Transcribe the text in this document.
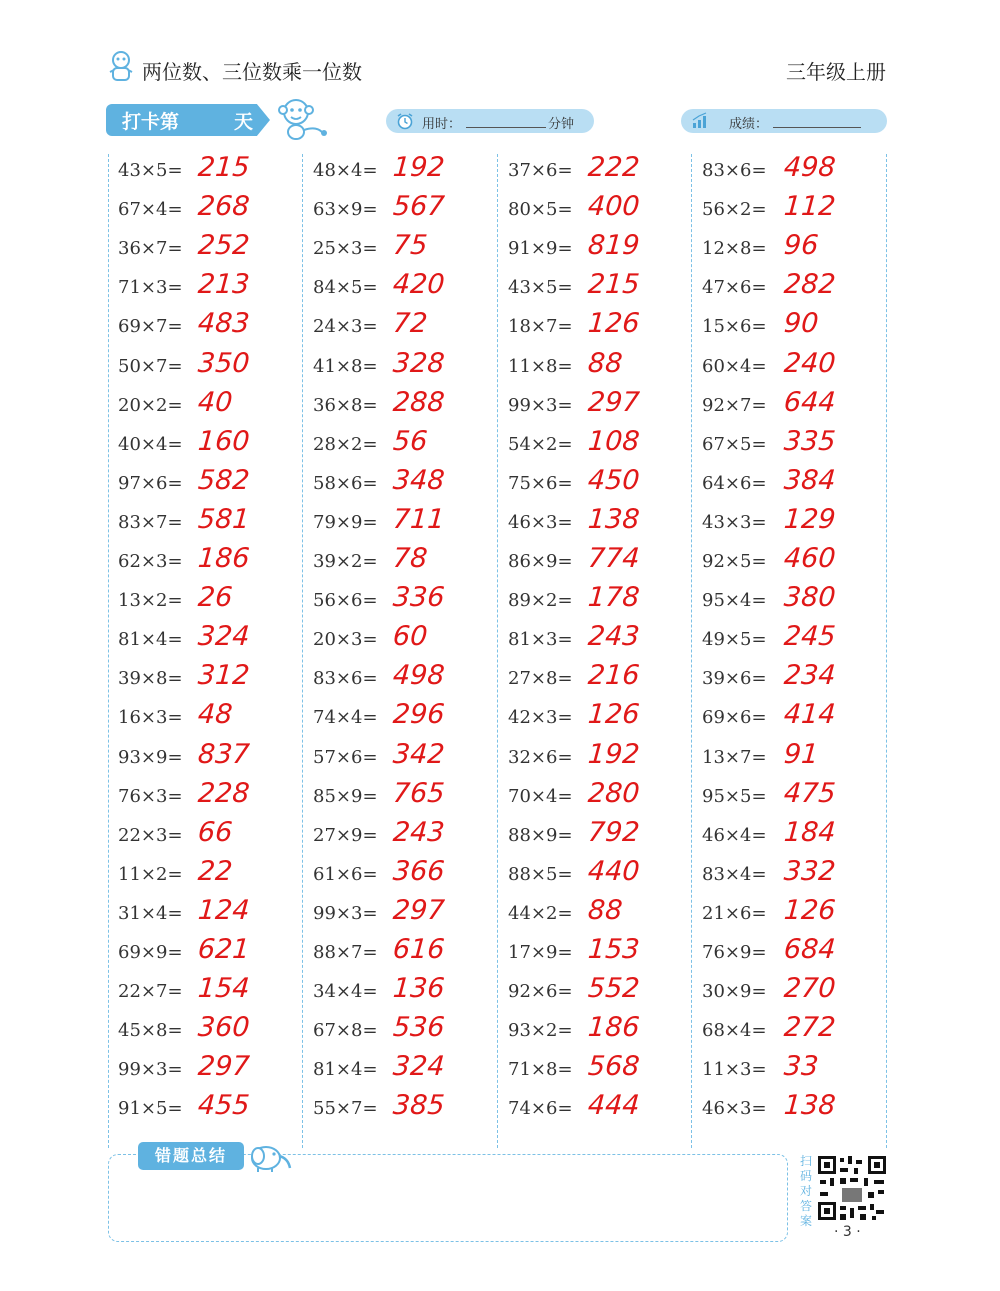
两位数、三位数乘一位数	三年级上册
打卡第	天	用时：	分钟	成绩：
43×5= 215
67×4= 268
36×7= 252
71×3= 213
69×7= 483
50×7= 350
20×2= 40
40×4= 160
97×6= 582
83×7= 581
62×3= 186
13×2= 26
81×4= 324
39×8= 312
16×3= 48
93×9= 837
76×3= 228
22×3= 66
11×2= 22
31×4= 124
69×9= 621
22×7= 154
45×8= 360
99×3= 297
91×5= 455
48×4= 192
63×9= 567
25×3= 75
84×5= 420
24×3= 72
41×8= 328
36×8= 288
28×2= 56
58×6= 348
79×9= 711
39×2= 78
56×6= 336
20×3= 60
83×6= 498
74×4= 296
57×6= 342
85×9= 765
27×9= 243
61×6= 366
99×3= 297
88×7= 616
34×4= 136
67×8= 536
81×4= 324
55×7= 385
37×6= 222
80×5= 400
91×9= 819
43×5= 215
18×7= 126
11×8= 88
99×3= 297
54×2= 108
75×6= 450
46×3= 138
86×9= 774
89×2= 178
81×3= 243
27×8= 216
42×3= 126
32×6= 192
70×4= 280
88×9= 792
88×5= 440
44×2= 88
17×9= 153
92×6= 552
93×2= 186
71×8= 568
74×6= 444
83×6= 498
56×2= 112
12×8= 96
47×6= 282
15×6= 90
60×4= 240
92×7= 644
67×5= 335
64×6= 384
43×3= 129
92×5= 460
95×4= 380
49×5= 245
39×6= 234
69×6= 414
13×7= 91
95×5= 475
46×4= 184
83×4= 332
21×6= 126
76×9= 684
30×9= 270
68×4= 272
11×3= 33
46×3= 138
错题总结	扫码对答案
· 3 ·
